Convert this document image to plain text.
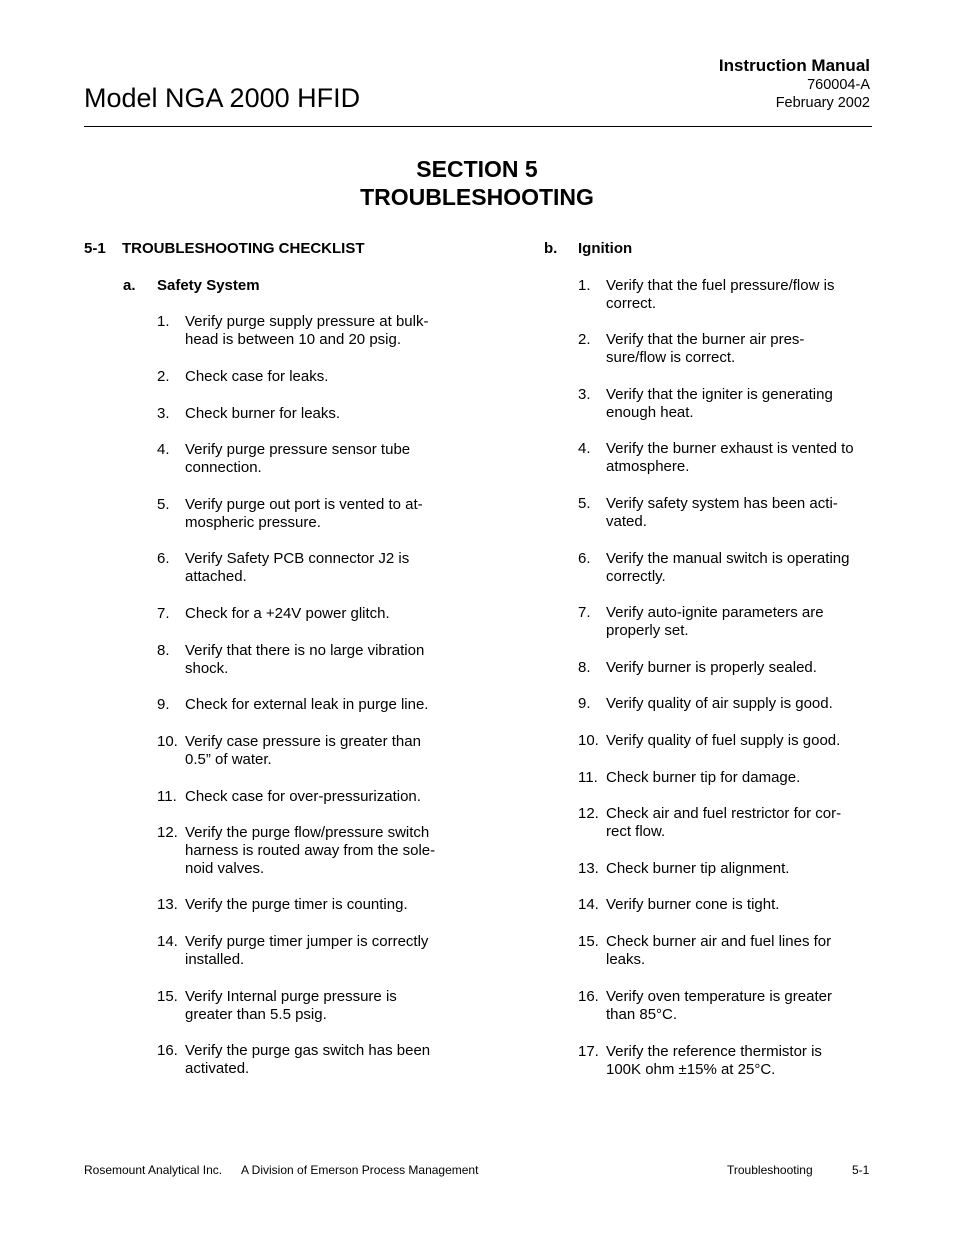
Model NGA 2000 HFID
Instruction Manual
760004-A
February 2002
SECTION 5
TROUBLESHOOTING
5-1 TROUBLESHOOTING CHECKLIST
a. Safety System
b. Ignition
1. Verify purge supply pressure at bulk-
head is between 10 and 20 psig.
2. Check case for leaks.
3. Check burner for leaks.
4. Verify purge pressure sensor tube
connection.
5. Verify purge out port is vented to at-
mospheric pressure.
6. Verify Safety PCB connector J2 is
attached.
7. Check for a +24V power glitch.
8. Verify that there is no large vibration
shock.
9. Check for external leak in purge line.
10. Verify case pressure is greater than
0.5” of water.
11. Check case for over-pressurization.
12. Verify the purge flow/pressure switch
harness is routed away from the sole-
noid valves.
13. Verify the purge timer is counting.
14. Verify purge timer jumper is correctly
installed.
15. Verify Internal purge pressure is
greater than 5.5 psig.
16. Verify the purge gas switch has been
activated.
1. Verify that the fuel pressure/flow is
correct.
2. Verify that the burner air pres-
sure/flow is correct.
3. Verify that the igniter is generating
enough heat.
4. Verify the burner exhaust is vented to
atmosphere.
5. Verify safety system has been acti-
vated.
6. Verify the manual switch is operating
correctly.
7. Verify auto-ignite parameters are
properly set.
8. Verify burner is properly sealed.
9. Verify quality of air supply is good.
10. Verify quality of fuel supply is good.
11. Check burner tip for damage.
12. Check air and fuel restrictor for cor-
rect flow.
13. Check burner tip alignment.
14. Verify burner cone is tight.
15. Check burner air and fuel lines for
leaks.
16. Verify oven temperature is greater
than 85°C.
17. Verify the reference thermistor is
100K ohm ±15% at 25°C.
Rosemount Analytical Inc. A Division of Emerson Process Management	Troubleshooting	5-1
